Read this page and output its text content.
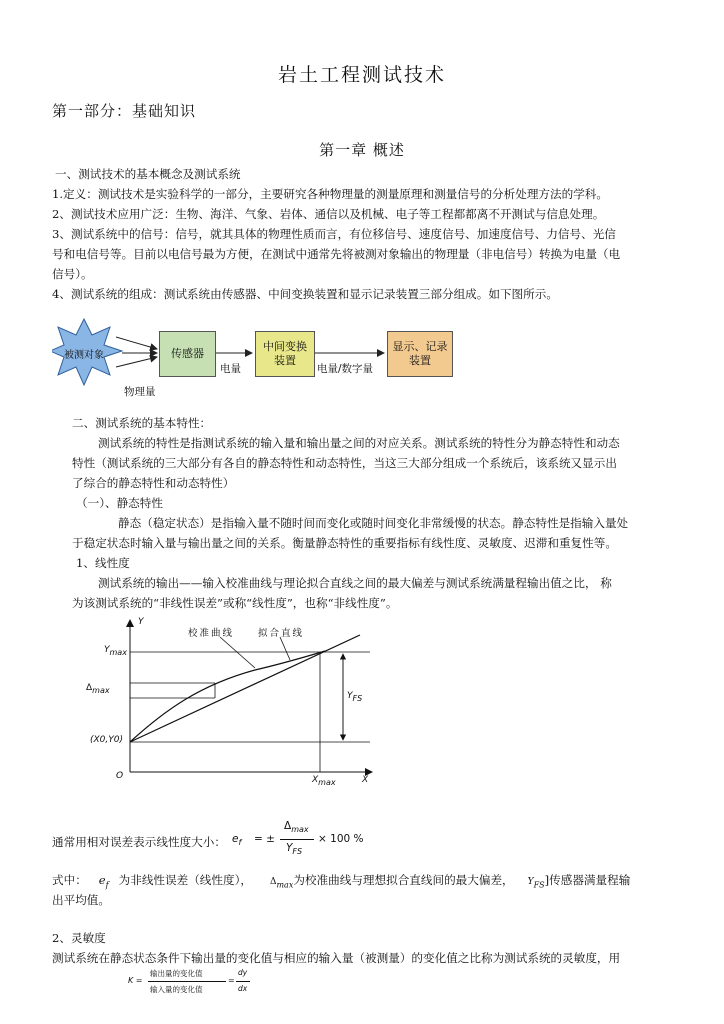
岩土工程测试技术
第一部分：基础知识
第一章 概述
一、测试技术的基本概念及测试系统
1.定义：测试技术是实验科学的一部分，主要研究各种物理量的测量原理和测量信号的分析处理方法的学科。
2、测试技术应用广泛：生物、海洋、气象、岩体、通信以及机械、电子等工程都都离不开测试与信息处理。
3、测试系统中的信号：信号，就其具体的物理性质而言，有位移信号、速度信号、加速度信号、力信号、光信
号和电信号等。目前以电信号最为方便，在测试中通常先将被测对象输出的物理量（非电信号）转换为电量（电
信号）。
4、测试系统的组成：测试系统由传感器、中间变换装置和显示记录装置三部分组成。如下图所示。
被测对象	传感器
中间变换
装置
显示、记录
装置
物理量
电量	电量/数字量
二、测试系统的基本特性：
测试系统的特性是指测试系统的输入量和输出量之间的对应关系。测试系统的特性分为静态特性和动态
特性（测试系统的三大部分有各自的静态特性和动态特性，当这三大部分组成一个系统后，该系统又显示出
了综合的静态特性和动态特性）
（一）、静态特性
静态（稳定状态）是指输入量不随时间而变化或随时间变化非常缓慢的状态。静态特性是指输入量处
于稳定状态时输入量与输出量之间的关系。衡量静态特性的重要指标有线性度、灵敏度、迟滞和重复性等。
1、线性度
测试系统的输出——输入校准曲线与理论拟合直线之间的最大偏差与测试系统满量程输出值之比， 称
为该测试系统的“非线性误差”或称“线性度”，也称“非线性度”。
Y
X
O
校准曲线	拟合直线
$Y_{max}$
$\Delta_{max}$
$Y_{FS}$
(X0,Y0)
$X_{max}$
通常用相对误差表示线性度大小： $e_f$ = ±
$\Delta_{max}$
$Y_{FS}$
× 100 %
式中： $e_f$ 为非线性误差（线性度）， $\Delta_{max}$为校准曲线与理想拟合直线间的最大偏差， $Y_{FS}$]传感器满量程输
出平均值。
2、灵敏度
测试系统在静态状态条件下输出量的变化值与相应的输入量（被测量）的变化值之比称为测试系统的灵敏度，用
K =
输出量的变化值
输入量的变化值
=
dy
dx
